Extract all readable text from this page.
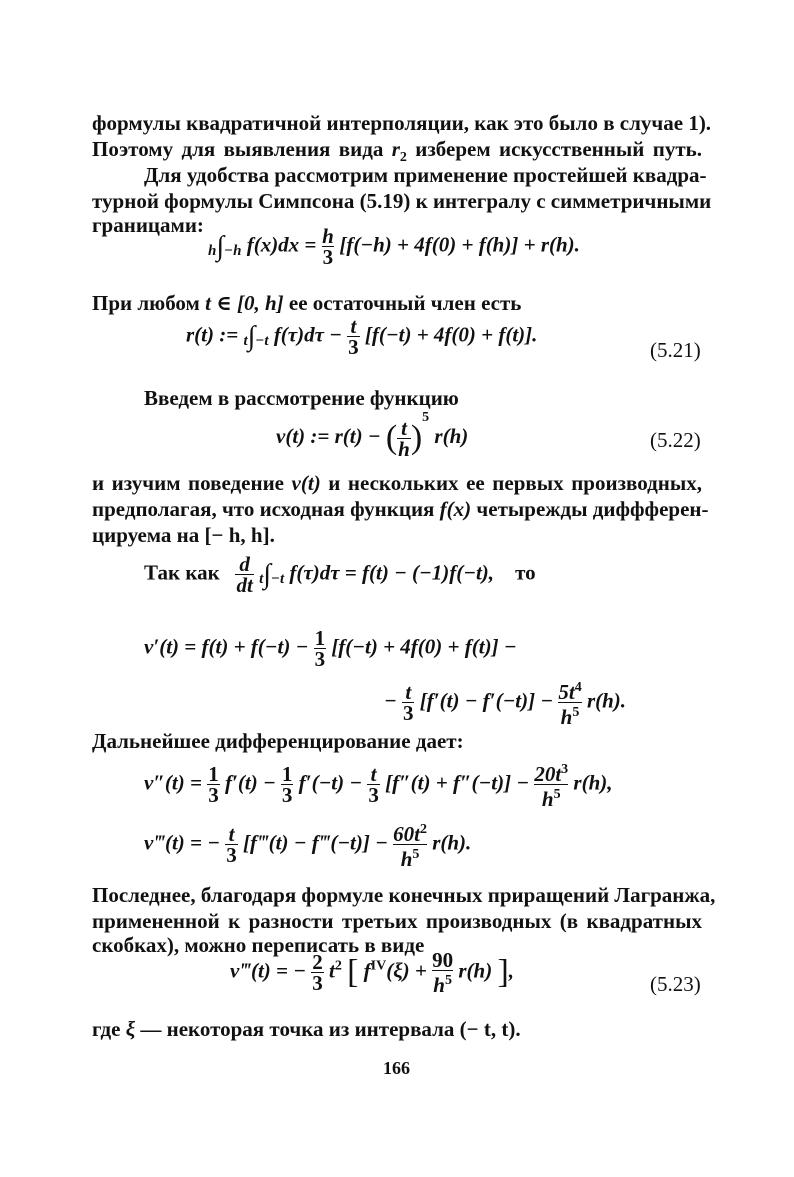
формулы квадратичной интерполяции, как это было в случае 1).
Поэтому для выявления вида $r_2$ изберем искусственный путь.
Для удобства рассмотрим применение простейшей квадра-
турной формулы Симпсона (5.19) к интегралу с симметричными
границами:
h∫−h $f(x)dx = \frac{h}{3} [f(-h) + 4f(0) + f(h)] + r(h)$.
При любом t ∈ [0, h] ее остаточный член есть
r(t) := t∫−t $f(\tau)d\tau - \frac{t}{3} [f(-t) + 4f(0) + f(t)]$.
(5.21)
Введем в рассмотрение функцию
v(t) := r(t) − ( $\frac{t}{h} )^5$ r(h)	(5.22)
и изучим поведение v(t) и нескольких ее первых производных,
предполагая, что исходная функция f(x) четырежды диффферен-
цируема на [− h, h].
Так как $\frac{d}{dt} t\int-t$ f(τ)dτ = f(t) − (−1)f(−t), то
$v'(t) = f(t) + f(-t) - \frac{1}{3} [f(-t) + 4f(0) + f(t)]$ −
− $\frac{t}{3} [f'(t) - f'(-t)] - \frac{5t^4}{h^5} r(h)$.
Дальнейшее дифференцирование дает:
$v''(t) = \frac{1}{3} f'(t) - \frac{1}{3} f'(-t) - \frac{t}{3} [f''(t) + f''(-t)] - \frac{20t^3}{h^5} r(h)$,
v‴(t) = − $\frac{t}{3}$ [f‴(t) − f‴(−t)] − $\frac{60t^2}{h^5} r(h)$.
Последнее, благодаря формуле конечных приращений Лагранжа,
примененной к разности третьих производных (в квадратных
скобках), можно переписать в виде
v‴(t) = − $\frac{2}{3} t^2$ [ $f^{IV}(\xi) + \frac{90}{h^5} r(h)$ ],
(5.23)
где ξ — некоторая точка из интервала (− t, t).
166
